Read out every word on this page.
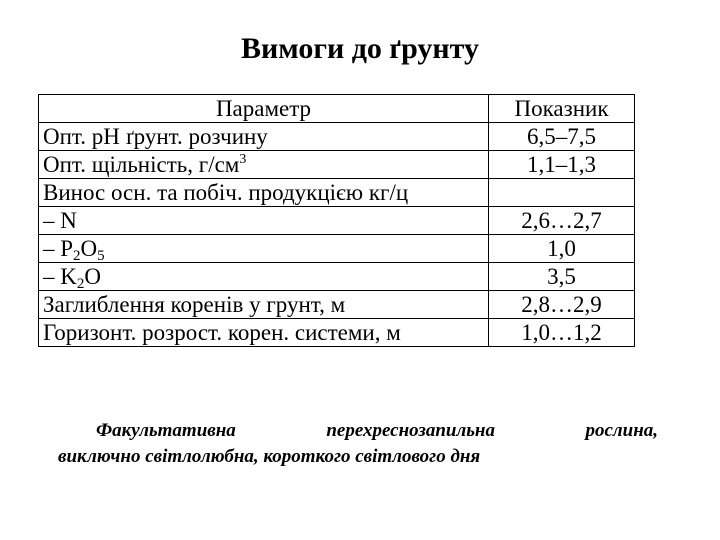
Вимоги до ґрунту
Параметр	Показник
Опт. рН ґрунт. розчину	6,5–7,5
Опт. щільність, $г/см^3$	1,1–1,3
Винос осн. та побіч. продукцією кг/ц	
– N	2,6…2,7
– $P_2O_5$	1,0
– $K_2O$	3,5
Заглиблення коренів у грунт, м	2,8…2,9
Горизонт. розрост. корен. системи, м	1,0…1,2
Факультативна	перехреснозапильна	рослина,
виключно світлолюбна, короткого світлового дня
